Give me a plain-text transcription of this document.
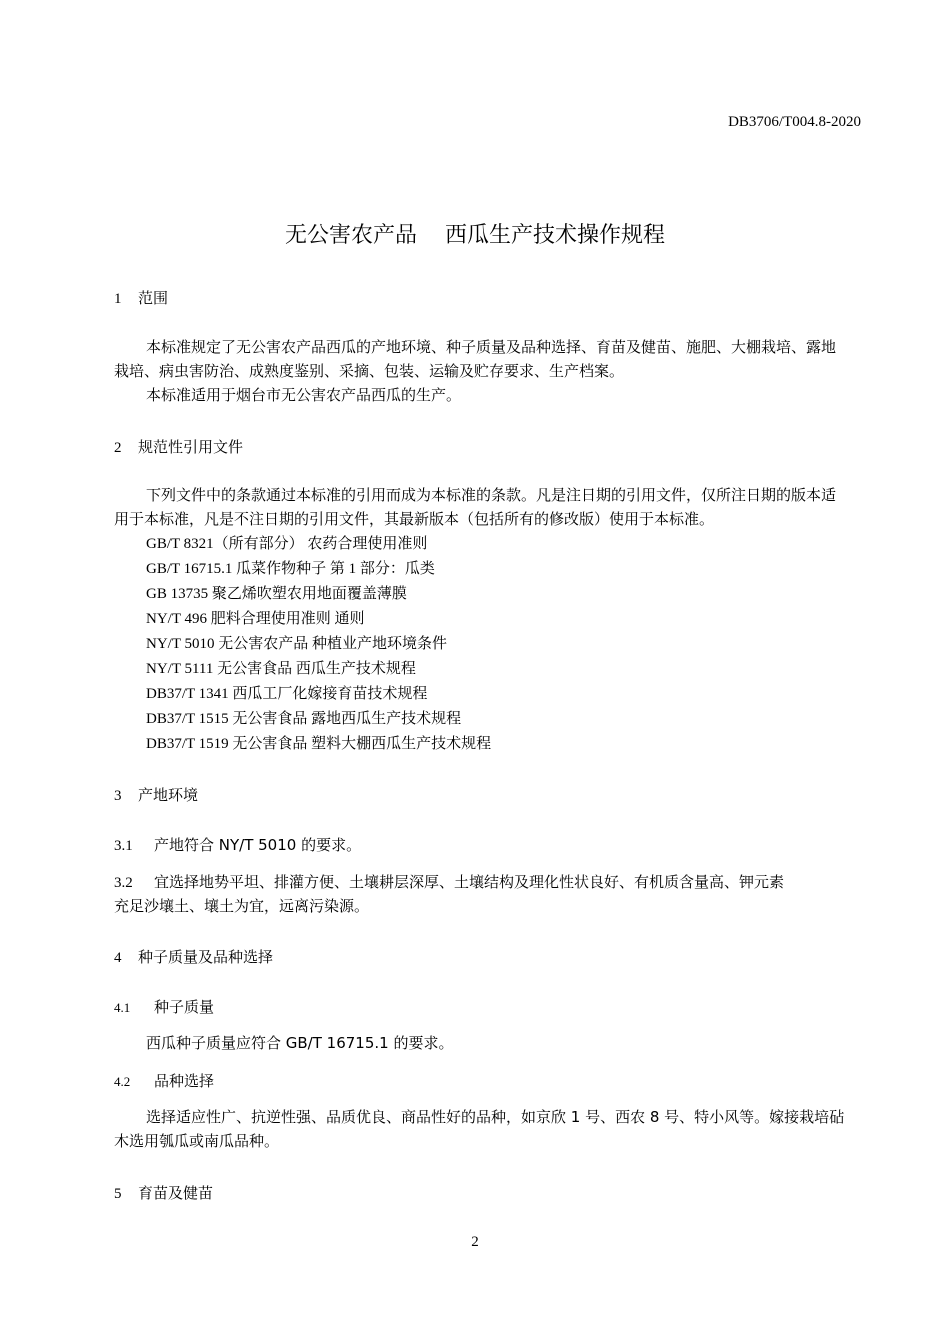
DB3706/T004.8-2020
无公害农产品    西瓜生产技术操作规程
1 范围
本标准规定了无公害农产品西瓜的产地环境、种子质量及品种选择、育苗及健苗、施肥、大棚栽培、露地栽培、病虫害防治、成熟度鉴别、采摘、包装、运输及贮存要求、生产档案。
本标准适用于烟台市无公害农产品西瓜的生产。
2 规范性引用文件
下列文件中的条款通过本标准的引用而成为本标准的条款。凡是注日期的引用文件，仅所注日期的版本适用于本标准，凡是不注日期的引用文件，其最新版本（包括所有的修改版）使用于本标准。
GB/T 8321（所有部分） 农药合理使用准则
GB/T 16715.1 瓜菜作物种子 第 1 部分：瓜类
GB 13735 聚乙烯吹塑农用地面覆盖薄膜
NY/T 496 肥料合理使用准则 通则
NY/T 5010 无公害农产品 种植业产地环境条件
NY/T 5111 无公害食品 西瓜生产技术规程
DB37/T 1341 西瓜工厂化嫁接育苗技术规程
DB37/T 1515 无公害食品 露地西瓜生产技术规程
DB37/T 1519 无公害食品 塑料大棚西瓜生产技术规程
3 产地环境
3.1 产地符合 NY/T 5010 的要求。
3.2 宜选择地势平坦、排灌方便、土壤耕层深厚、土壤结构及理化性状良好、有机质含量高、钾元素
充足沙壤土、壤土为宜，远离污染源。
4 种子质量及品种选择
4.1 种子质量
西瓜种子质量应符合 GB/T 16715.1 的要求。
4.2 品种选择
选择适应性广、抗逆性强、品质优良、商品性好的品种，如京欣 1 号、西农 8 号、特小风等。嫁接栽培砧木选用瓠瓜或南瓜品种。
5 育苗及健苗
2
